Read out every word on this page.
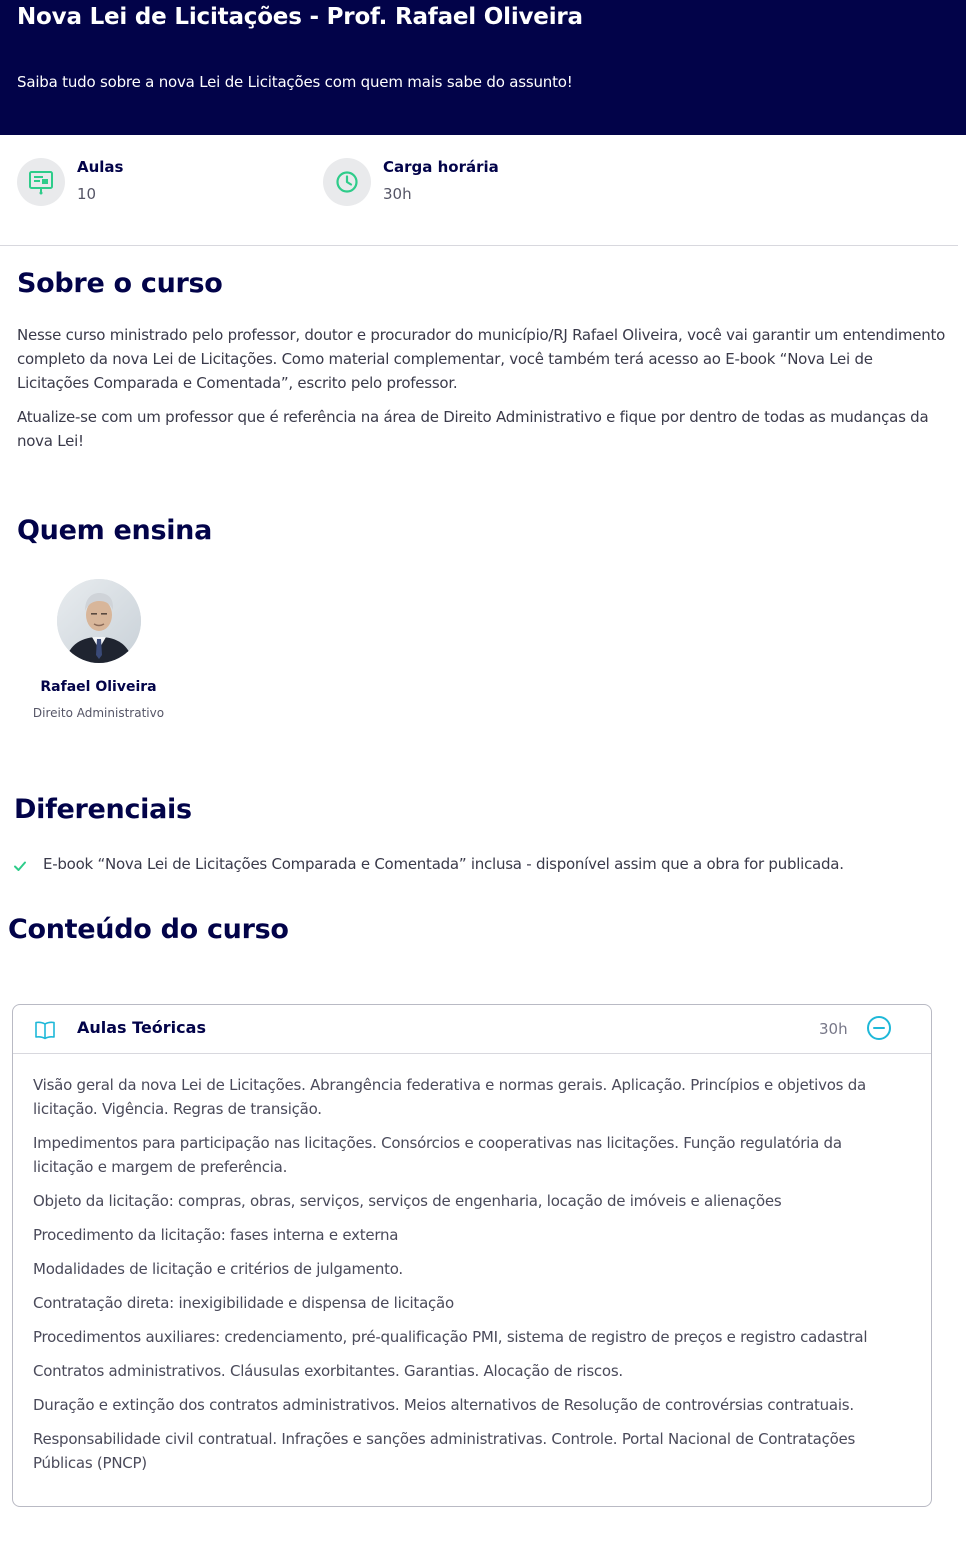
Nova Lei de Licitações - Prof. Rafael Oliveira

Saiba tudo sobre a nova Lei de Licitações com quem mais sabe do assunto!

Aulas
10
Carga horária
30h
Sobre o curso

Nesse curso ministrado pelo professor, doutor e procurador do município/RJ Rafael Oliveira, você vai garantir um entendimento completo da nova Lei de Licitações. Como material complementar, você também terá acesso ao E-book “Nova Lei de Licitações Comparada e Comentada”, escrito pelo professor.

Atualize-se com um professor que é referência na área de Direito Administrativo e fique por dentro de todas as mudanças da nova Lei!

Quem ensina
Rafael Oliveira
Direito Administrativo
Diferenciais
E-book “Nova Lei de Licitações Comparada e Comentada” inclusa - disponível assim que a obra for publicada.
Conteúdo do curso
Aulas Teóricas	30h
Visão geral da nova Lei de Licitações. Abrangência federativa e normas gerais. Aplicação. Princípios e objetivos da licitação. Vigência. Regras de transição.
Impedimentos para participação nas licitações. Consórcios e cooperativas nas licitações. Função regulatória da licitação e margem de preferência.
Objeto da licitação: compras, obras, serviços, serviços de engenharia, locação de imóveis e alienações
Procedimento da licitação: fases interna e externa
Modalidades de licitação e critérios de julgamento.
Contratação direta: inexigibilidade e dispensa de licitação
Procedimentos auxiliares: credenciamento, pré-qualificação PMI, sistema de registro de preços e registro cadastral
Contratos administrativos. Cláusulas exorbitantes. Garantias. Alocação de riscos.
Duração e extinção dos contratos administrativos. Meios alternativos de Resolução de controvérsias contratuais.
Responsabilidade civil contratual. Infrações e sanções administrativas. Controle. Portal Nacional de Contratações Públicas (PNCP)
